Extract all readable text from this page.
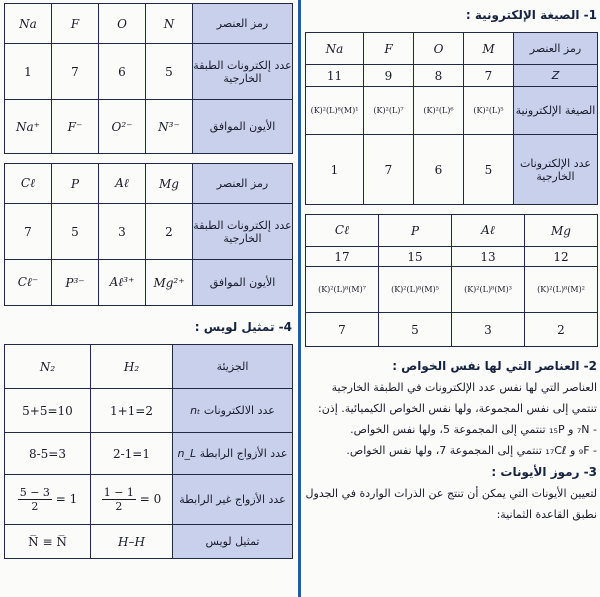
Na	F	O	N	رمز العنصر
1	7	6	5	عدد إلكترونات الطبقة الخارجية
Na⁺	F⁻	O²⁻	N³⁻	الأيون الموافق
Cℓ	P	Aℓ	Mg	رمز العنصر
7	5	3	2	عدد إلكترونات الطبقة الخارجية
Cℓ⁻	P³⁻	Aℓ³⁺	Mg²⁺	الأيون الموافق
4- تمثيل لويس :
N₂	H₂	الجزيئة
5+5=10	1+1=2	عدد الالكترونات nₜ
8-5=3	2-1=1	عدد الأزواج الرابطة n_L

$\frac{5 - 3}{2} = 1$	$\frac{1 - 1}{2} = 0$	عدد الأزواج غير الرابطة
N̅ ≡ N̅	H–H	تمثيل لويس
1- الصيغة الإلكترونية :
Na	F	O	M	رمز العنصر
11	9	8	7	Z
(K)²(L)⁸(M)¹	(K)²(L)⁷	(K)²(L)⁶	(K)²(L)⁵	الصيغة الإلكترونية
1	7	6	5	عدد الإلكترونات الخارجية
Cℓ	P	Aℓ	Mg
17	15	13	12
(K)²(L)⁸(M)⁷	(K)²(L)⁸(M)⁵	(K)²(L)⁸(M)³	(K)²(L)⁸(M)²
7	5	3	2
2- العناصر التي لها نفس الخواص :

العناصر التي لها نفس عدد الإلكترونات في الطبقة الخارجية تنتمي إلى نفس المجموعة، ولها نفس الخواص الكيميائية. إذن:

- ₇N و ₁₅P تنتمي إلى المجموعة 5، ولها نفس الخواص.
- ₉F و ₁₇Cℓ تنتمي إلى المجموعة 7، ولها نفس الخواص.
3- رموز الأيونات :

لتعيين الأيونات التي يمكن أن تنتج عن الذرات الواردة في الجدول نطبق القاعدة الثمانية:
